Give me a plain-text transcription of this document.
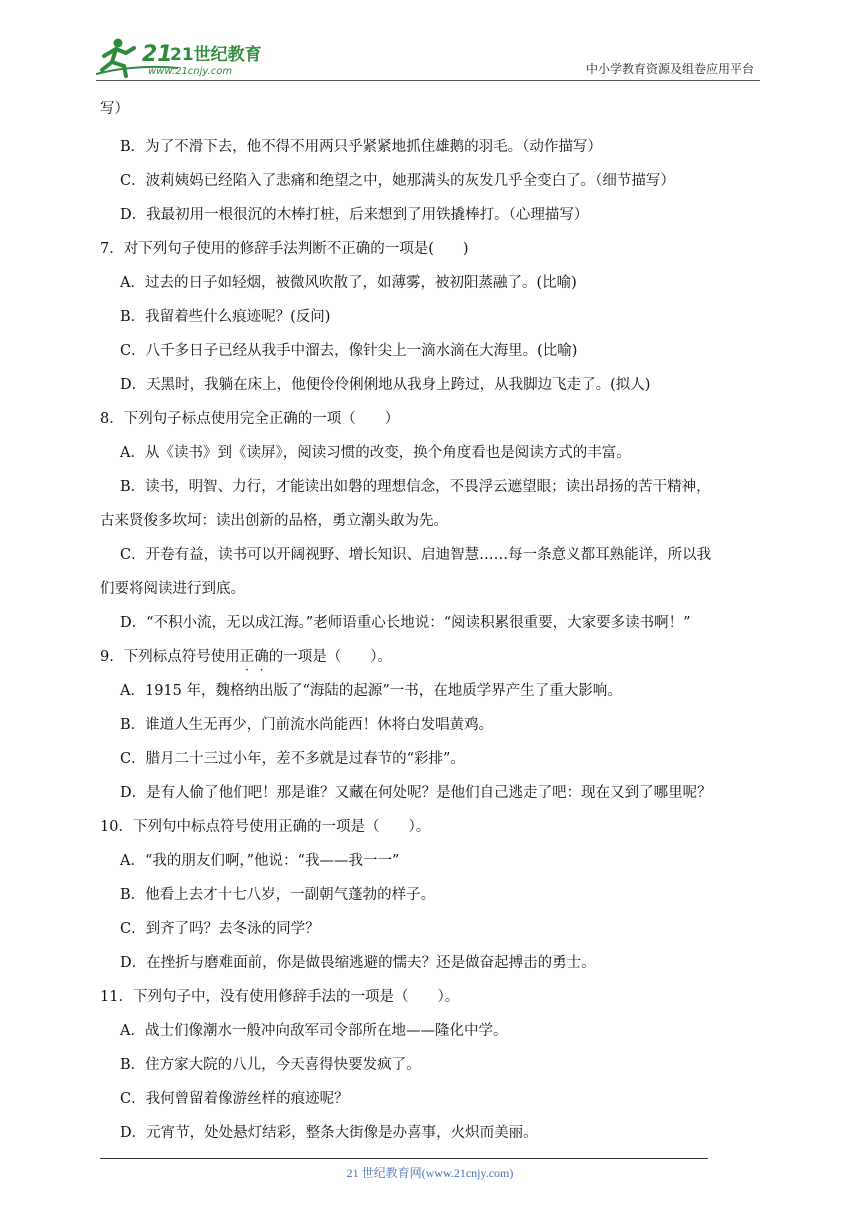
21
21世纪教育
www.21cnjy.com	中小学教育资源及组卷应用平台
写）
B．为了不滑下去，他不得不用两只乎紧紧地抓住雄鹅的羽毛。（动作描写）
C．波莉姨妈已经陷入了悲痛和绝望之中，她那满头的灰发几乎全变白了。（细节描写）
D．我最初用一根很沉的木棒打桩，后来想到了用铁撬棒打。（心理描写）
7．对下列句子使用的修辞手法判断不正确的一项是(　　)
A．过去的日子如轻烟，被微风吹散了，如薄雾，被初阳蒸融了。(比喻)
B．我留着些什么痕迹呢？(反问)
C．八千多日子已经从我手中溜去，像针尖上一滴水滴在大海里。(比喻)
D．天黑时，我躺在床上，他便伶伶俐俐地从我身上跨过，从我脚边飞走了。(拟人)
8．下列句子标点使用完全正确的一项（　　）
A．从《读书》到《读屏》，阅读习惯的改变，换个角度看也是阅读方式的丰富。
B．读书，明智、力行，才能读出如磐的理想信念，不畏浮云遮望眼；读出昂扬的苦干精神，
古来贤俊多坎坷：读出创新的品格，勇立潮头敢为先。
C．开卷有益，读书可以开阔视野、增长知识、启迪智慧……每一条意义都耳熟能详，所以我
们要将阅读进行到底。
D．“不积小流，无以成江海。”老师语重心长地说：“阅读积累很重要，大家要多读书啊！”
9．下列标点符号使用正确的一项是（　　）。
A．1915 年，魏格纳出版了“海陆的起源”一书，在地质学界产生了重大影响。
B．谁道人生无再少，门前流水尚能西！休将白发唱黄鸡。
C．腊月二十三过小年，差不多就是过春节的“彩排”。
D．是有人偷了他们吧！那是谁？又藏在何处呢？是他们自己逃走了吧：现在又到了哪里呢？
10．下列句中标点符号使用正确的一项是（　　）。
A．“我的朋友们啊，”他说：“我——我一一”
B．他看上去才十七八岁，一副朝气蓬勃的样子。
C．到齐了吗？去冬泳的同学？
D．在挫折与磨难面前，你是做畏缩逃避的懦夫？还是做奋起搏击的勇士。
11．下列句子中，没有使用修辞手法的一项是（　　）。
A．战士们像潮水一般冲向敌军司令部所在地——隆化中学。
B．住方家大院的八儿，今天喜得快要发疯了。
C．我何曾留着像游丝样的痕迹呢？
D．元宵节，处处悬灯结彩，整条大街像是办喜事，火炽而美丽。
21 世纪教育网(www.21cnjy.com)
